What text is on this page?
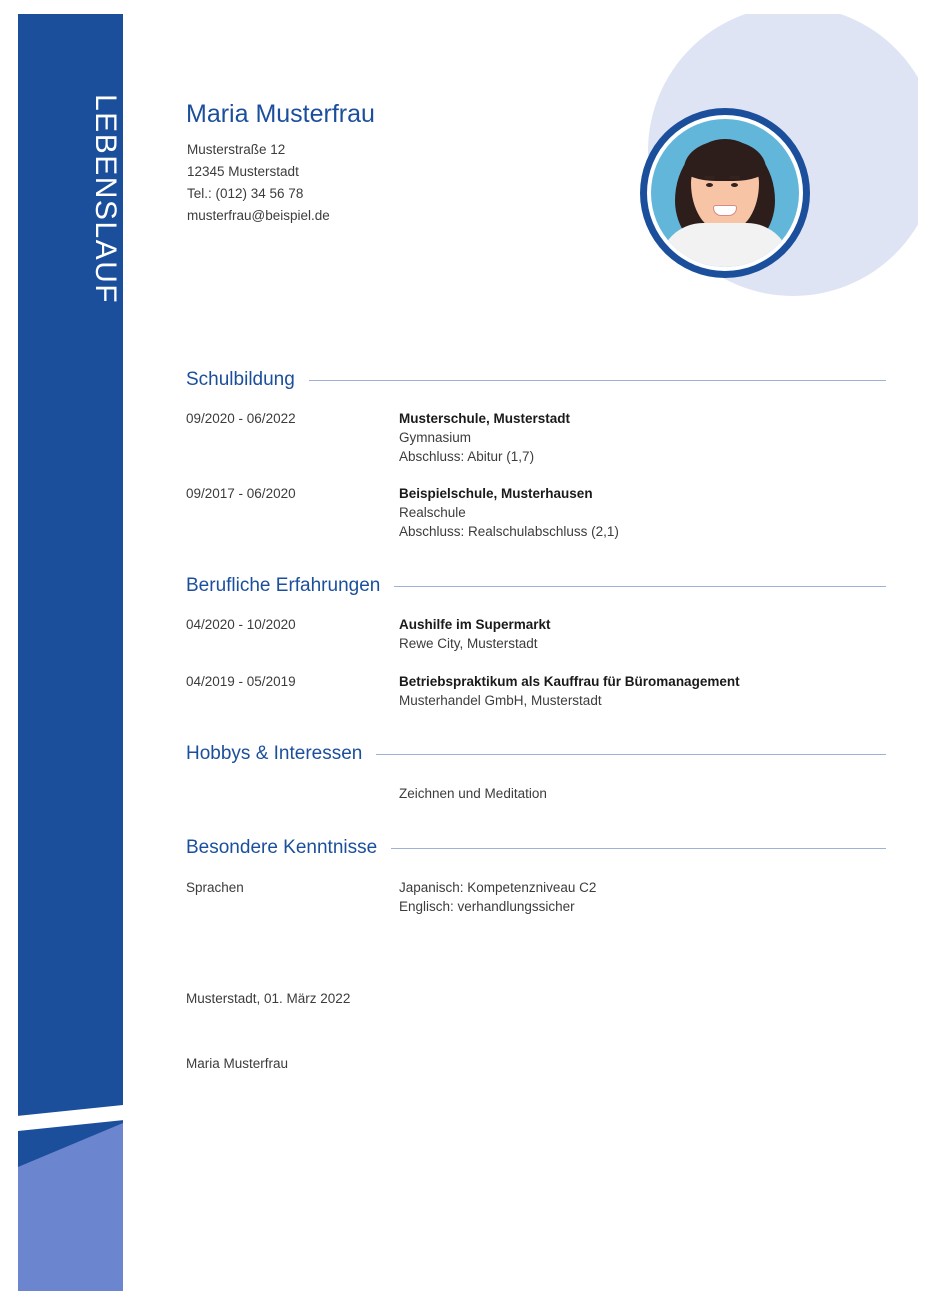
LEBENSLAUF	Maria Musterfrau
Musterstraße 12
12345 Musterstadt
Tel.: (012) 34 56 78
musterfrau@beispiel.de
Schulbildung
09/2020 - 06/2022	Musterschule, Musterstadt
Gymnasium
Abschluss: Abitur (1,7)
09/2017 - 06/2020	Beispielschule, Musterhausen
Realschule
Abschluss: Realschulabschluss (2,1)
Berufliche Erfahrungen
04/2020 - 10/2020	Aushilfe im Supermarkt
Rewe City, Musterstadt
04/2019 - 05/2019	Betriebspraktikum als Kauffrau für Büromanagement
Musterhandel GmbH, Musterstadt
Hobbys & Interessen
Zeichnen und Meditation
Besondere Kenntnisse
Sprachen	Japanisch: Kompetenzniveau C2
Englisch: verhandlungssicher
Musterstadt, 01. März 2022
Maria Musterfrau
